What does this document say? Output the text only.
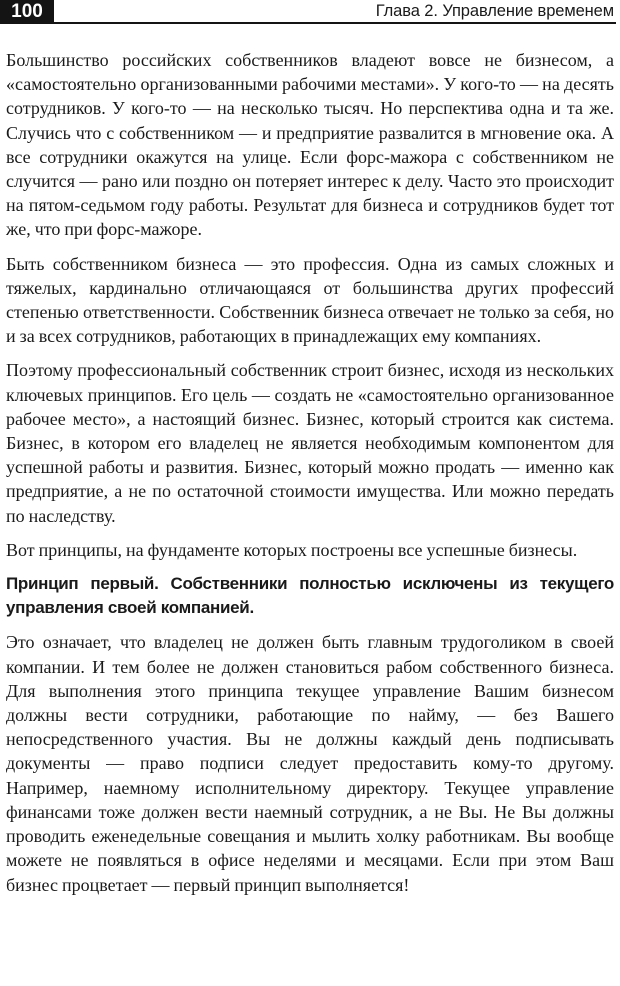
100	Глава 2. Управление временем

Большинство российских собственников владеют вовсе не бизнесом, а «самостоятельно организованными рабочими местами». У кого-то — на десять сотрудников. У кого-то — на несколько тысяч. Но перспектива одна и та же. Случись что с собственником — и предприятие развалится в мгновение ока. А все сотрудники окажутся на улице. Если форс-мажора с собственником не случится — рано или поздно он потеряет интерес к делу. Часто это происходит на пятом-седьмом году работы. Результат для бизнеса и сотрудников будет тот же, что при форс-мажоре.

Быть собственником бизнеса — это профессия. Одна из самых сложных и тяжелых, кардинально отличающаяся от большинства других профессий степенью ответственности. Собственник бизнеса отвечает не только за себя, но и за всех сотрудников, работающих в принадлежащих ему компаниях.

Поэтому профессиональный собственник строит бизнес, исходя из нескольких ключевых принципов. Его цель — создать не «самостоятельно организованное рабочее место», а настоящий бизнес. Бизнес, который строится как система. Бизнес, в котором его владелец не является необходимым компонентом для успешной работы и развития. Бизнес, который можно продать — именно как предприятие, а не по остаточной стоимости имущества. Или можно передать по наследству.

Вот принципы, на фундаменте которых построены все успешные бизнесы.

Принцип первый. Собственники полностью исключены из текущего управления своей компанией.

Это означает, что владелец не должен быть главным трудоголиком в своей компании. И тем более не должен становиться рабом собственного бизнеса. Для выполнения этого принципа текущее управление Вашим бизнесом должны вести сотрудники, работающие по найму, — без Вашего непосредственного участия. Вы не должны каждый день подписывать документы — право подписи следует предоставить кому-то другому. Например, наемному исполнительному директору. Текущее управление финансами тоже должен вести наемный сотрудник, а не Вы. Не Вы должны проводить еженедельные совещания и мылить холку работникам. Вы вообще можете не появляться в офисе неделями и месяцами. Если при этом Ваш бизнес процветает — первый принцип выполняется!
